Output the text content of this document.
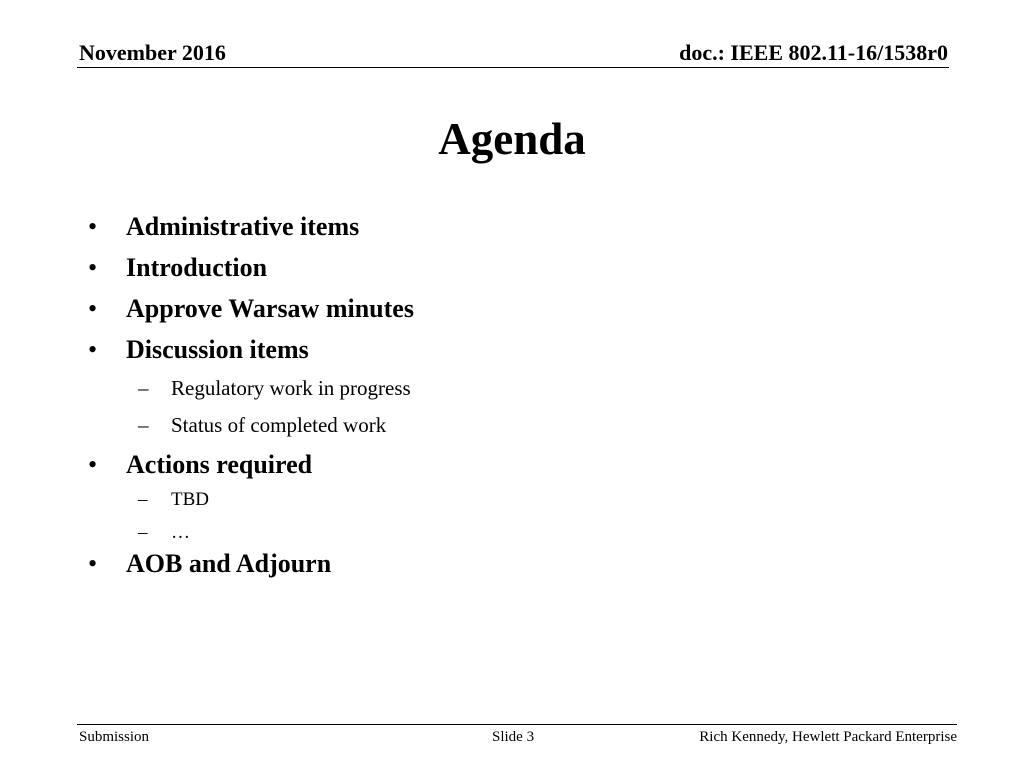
November 2016	doc.: IEEE 802.11-16/1538r0
Agenda
• Administrative items
• Introduction
• Approve Warsaw minutes
• Discussion items
– Regulatory work in progress
– Status of completed work
• Actions required
– TBD
– …
• AOB and Adjourn
Submission	Slide 3	Rich Kennedy, Hewlett Packard Enterprise
